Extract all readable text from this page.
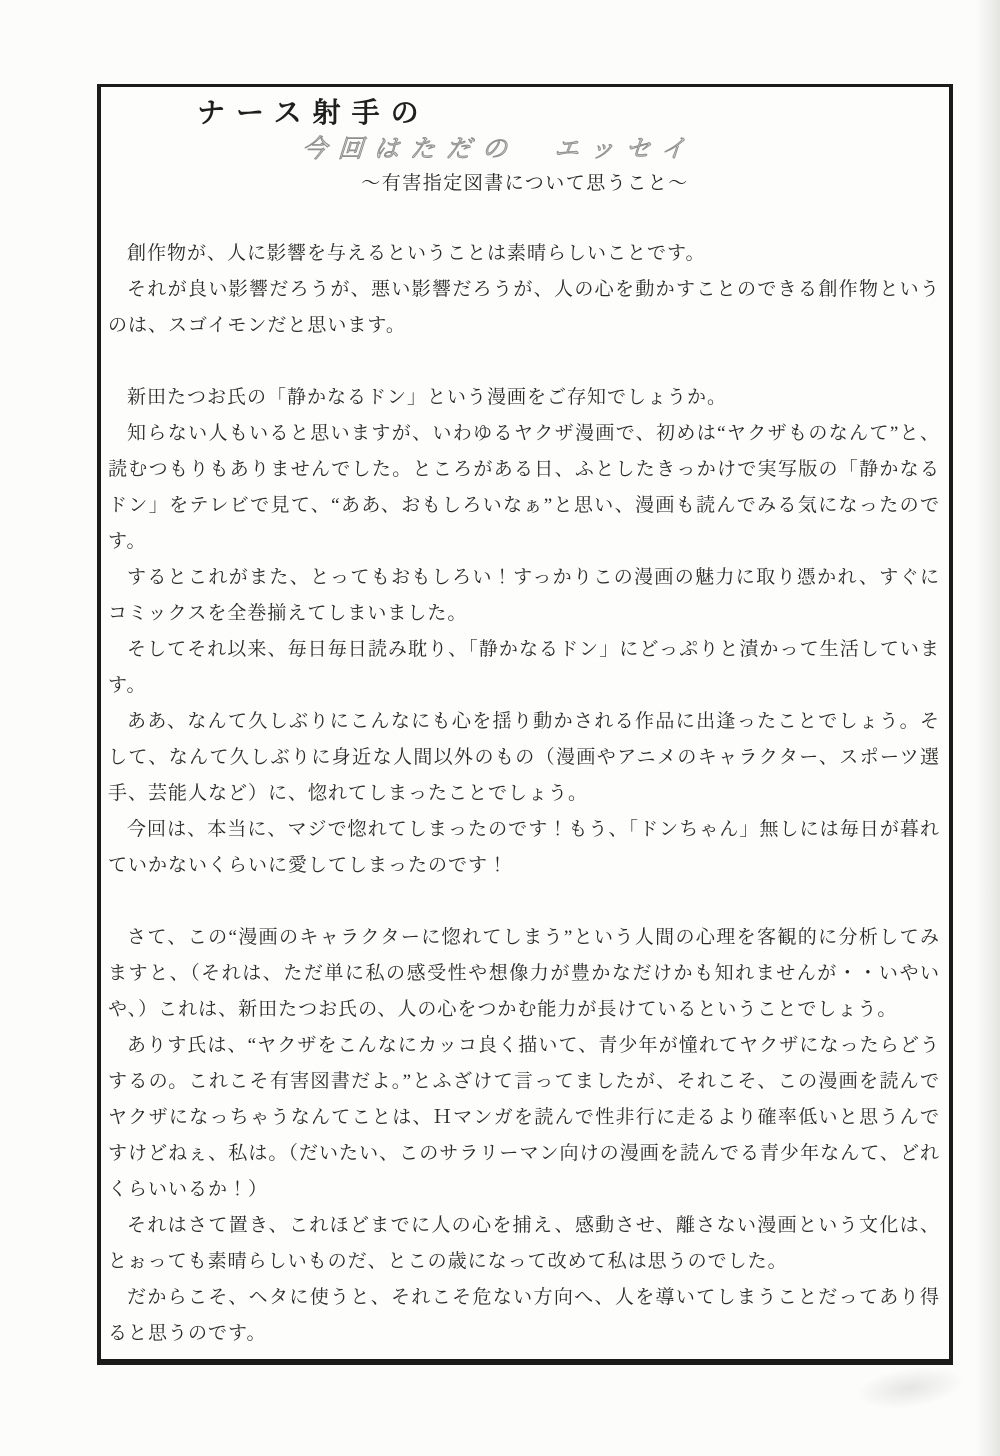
ナース射手の
今回はただの　エッセイ
〜有害指定図書について思うこと〜

創作物が、人に影響を与えるということは素晴らしいことです。

それが良い影響だろうが、悪い影響だろうが、人の心を動かすことのできる創作物というのは、スゴイモンだと思います。

新田たつお氏の「静かなるドン」という漫画をご存知でしょうか。

知らない人もいると思いますが、いわゆるヤクザ漫画で、初めは“ヤクザものなんて”と、読むつもりもありませんでした。ところがある日、ふとしたきっかけで実写版の「静かなるドン」をテレビで見て、“ああ、おもしろいなぁ”と思い、漫画も読んでみる気になったのです。

するとこれがまた、とってもおもしろい！すっかりこの漫画の魅力に取り憑かれ、すぐにコミックスを全巻揃えてしまいました。

そしてそれ以来、毎日毎日読み耽り、「静かなるドン」にどっぷりと漬かって生活しています。

ああ、なんて久しぶりにこんなにも心を揺り動かされる作品に出逢ったことでしょう。そして、なんて久しぶりに身近な人間以外のもの（漫画やアニメのキャラクター、スポーツ選手、芸能人など）に、惚れてしまったことでしょう。

今回は、本当に、マジで惚れてしまったのです！もう、「ドンちゃん」無しには毎日が暮れていかないくらいに愛してしまったのです！

さて、この“漫画のキャラクターに惚れてしまう”という人間の心理を客観的に分析してみますと、（それは、ただ単に私の感受性や想像力が豊かなだけかも知れませんが・・いやいや、）これは、新田たつお氏の、人の心をつかむ能力が長けているということでしょう。

ありす氏は、“ヤクザをこんなにカッコ良く描いて、青少年が憧れてヤクザになったらどうするの。これこそ有害図書だよ。”とふざけて言ってましたが、それこそ、この漫画を読んでヤクザになっちゃうなんてことは、Ｈマンガを読んで性非行に走るより確率低いと思うんですけどねぇ、私は。（だいたい、このサラリーマン向けの漫画を読んでる青少年なんて、どれくらいいるか！）

それはさて置き、これほどまでに人の心を捕え、感動させ、離さない漫画という文化は、とぉっても素晴らしいものだ、とこの歳になって改めて私は思うのでした。

だからこそ、ヘタに使うと、それこそ危ない方向へ、人を導いてしまうことだってあり得ると思うのです。
